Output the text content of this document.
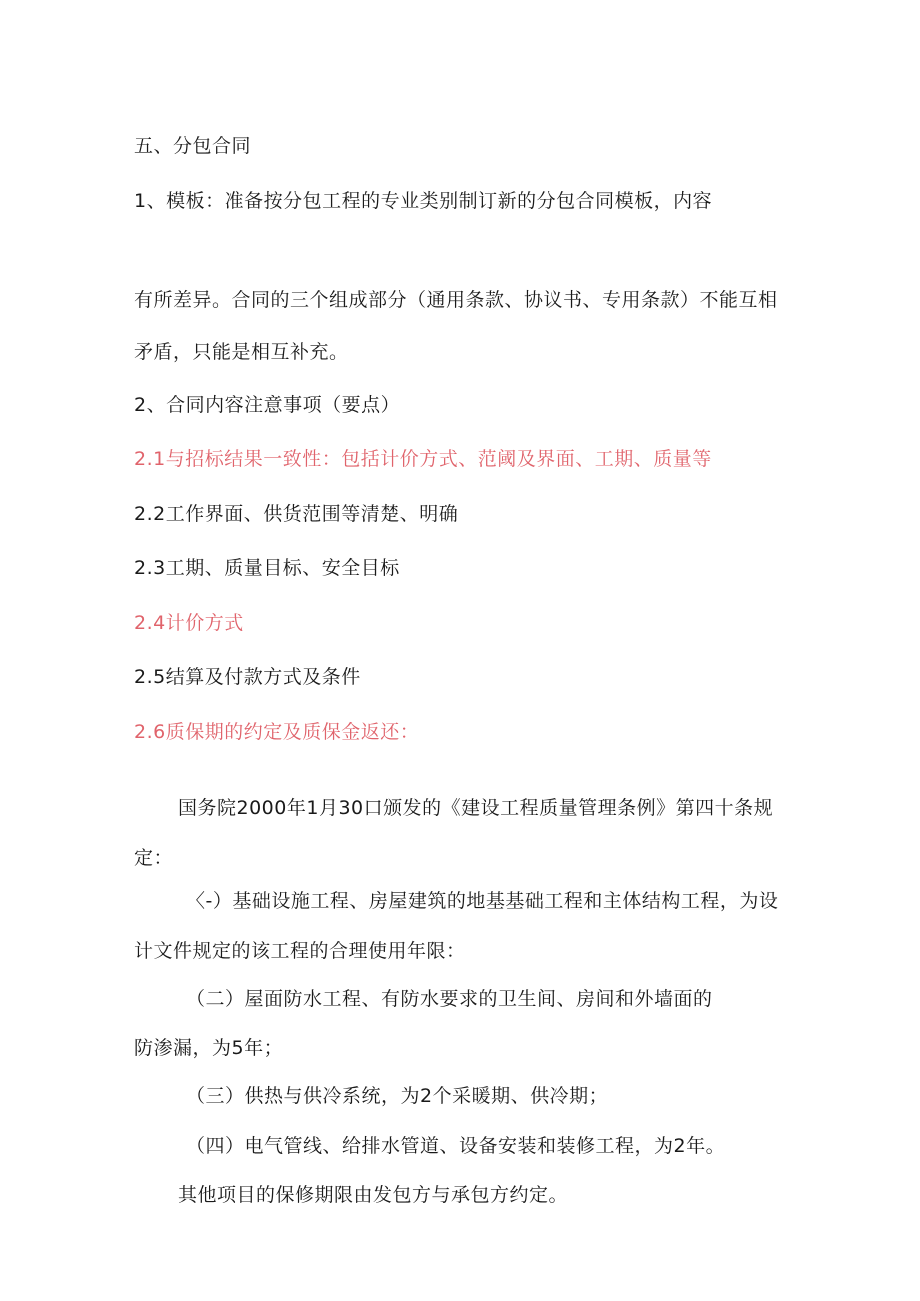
五、分包合同
1、模板：准备按分包工程的专业类别制订新的分包合同模板，内容
有所差异。合同的三个组成部分（通用条款、协议书、专用条款）不能互相
矛盾，只能是相互补充。
2、合同内容注意事项（要点）
2.1与招标结果一致性：包括计价方式、范阈及界面、工期、质量等
2.2工作界面、供货范围等清楚、明确
2.3工期、质量目标、安全目标
2.4计价方式
2.5结算及付款方式及条件
2.6质保期的约定及质保金返还：
国务院2000年1月30口颁发的《建设工程质量管理条例》第四十条规
定：
〈-）基础设施工程、房屋建筑的地基基础工程和主体结构工程，为设
计文件规定的该工程的合理使用年限：
（二）屋面防水工程、有防水要求的卫生间、房间和外墙面的
防渗漏，为5年；
（三）供热与供冷系统，为2个采暖期、供冷期；
（四）电气管线、给排水管道、设备安装和装修工程，为2年。
其他项目的保修期限由发包方与承包方约定。
